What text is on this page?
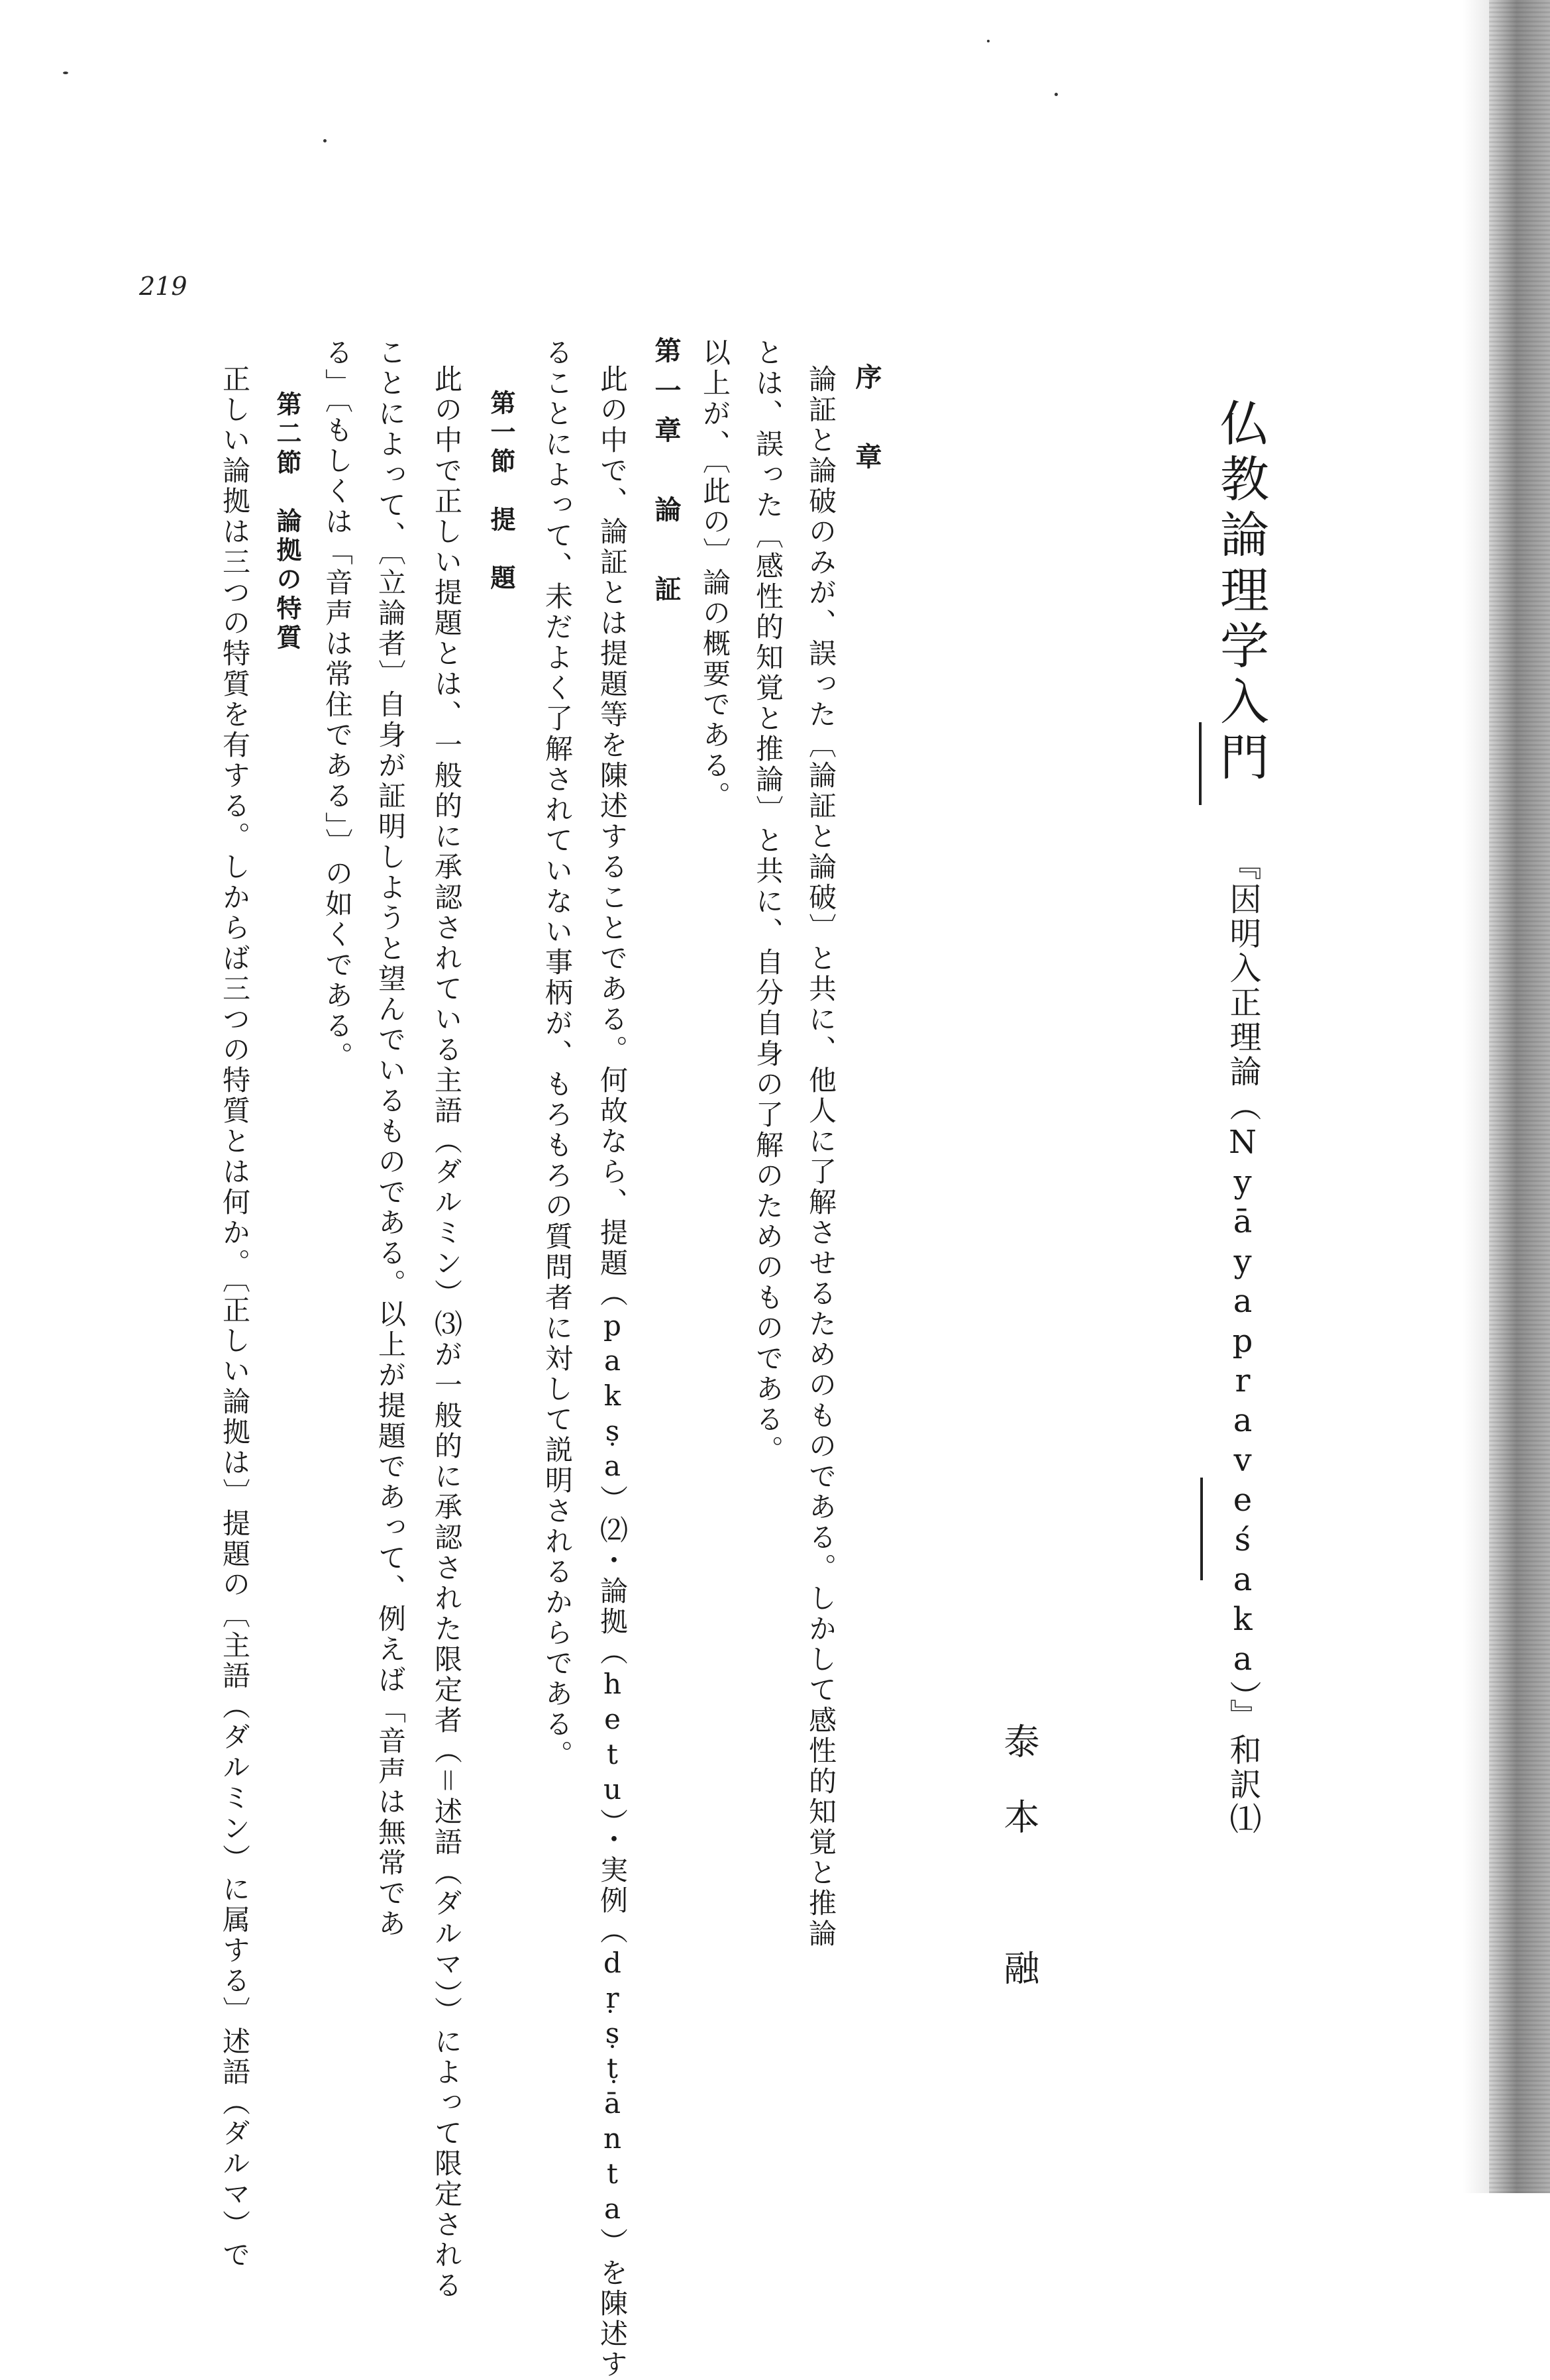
219
仏教論理学入門
『因明入正理論（Nyāyapraveśaka）』和訳⑴
泰本　融
序　章
論証と論破のみが、誤った〔論証と論破〕と共に、他人に了解させるためのものである。しかして感性的知覚と推論
とは、誤った〔感性的知覚と推論〕と共に、自分自身の了解のためのものである。
以上が、〔此の〕論の概要である。
第一章　論　証
此の中で、論証とは提題等を陳述することである。何故なら、提題（pakṣa）⑵・論拠（hetu）・実例（dṛṣṭānta）を陳述す
ることによって、未だよく了解されていない事柄が、もろもろの質問者に対して説明されるからである。
第一節　提　題
此の中で正しい提題とは、一般的に承認されている主語（ダルミン）⑶が一般的に承認された限定者（＝述語（ダルマ））によって限定される
ことによって、〔立論者〕自身が証明しようと望んでいるものである。以上が提題であって、例えば「音声は無常であ
る」〔もしくは「音声は常住である」〕の如くである。
第二節　論拠の特質
正しい論拠は三つの特質を有する。しからば三つの特質とは何か。〔正しい論拠は〕提題の〔主語（ダルミン）に属する〕述語（ダルマ）で
